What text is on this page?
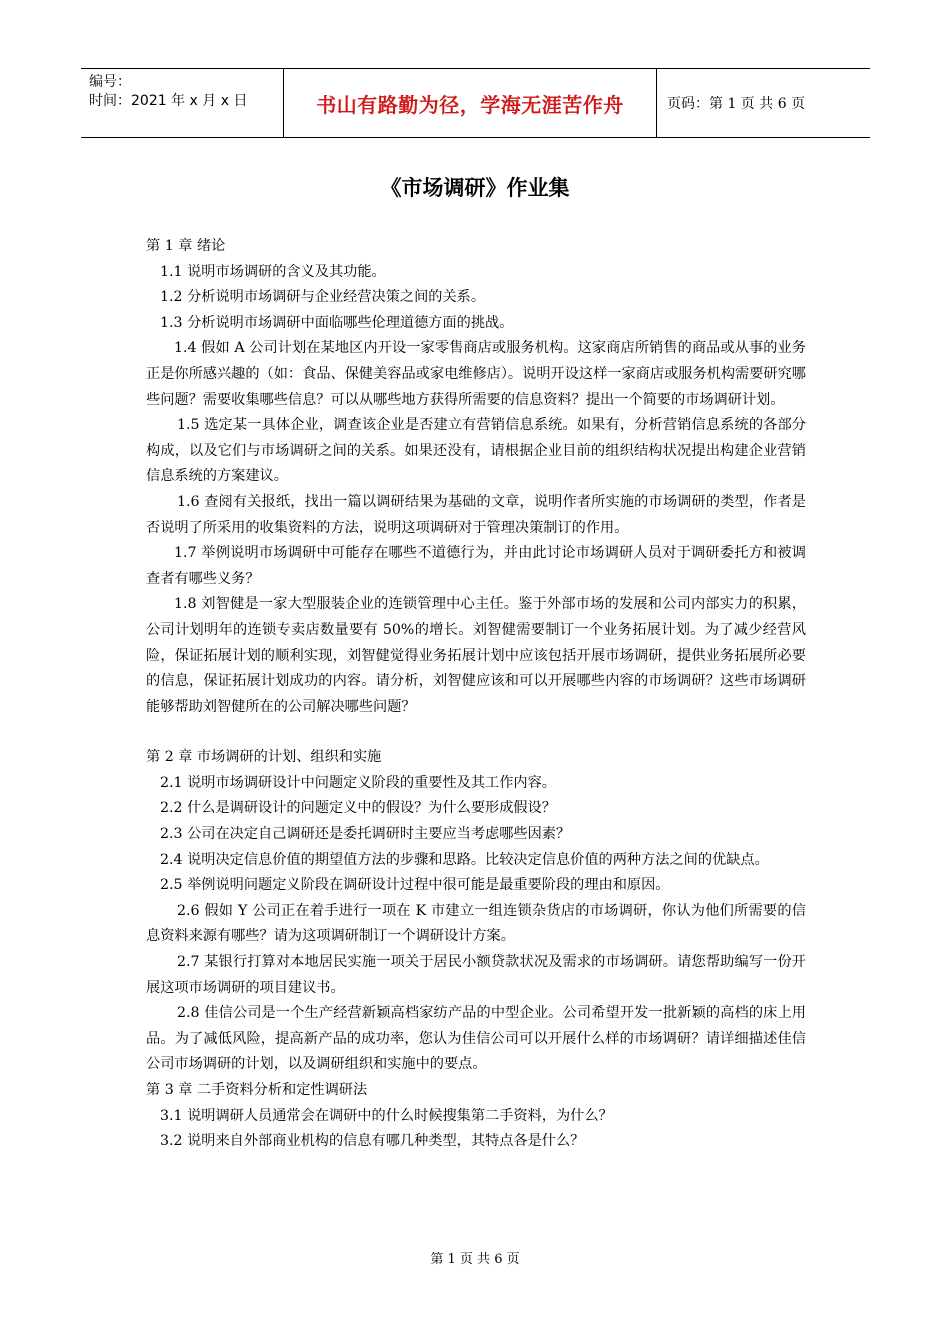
编号：
时间：2021 年 x 月 x 日	书山有路勤为径，学海无涯苦作舟	页码：第 1 页 共 6 页
《市场调研》作业集

第 1 章 绪论

1.1 说明市场调研的含义及其功能。

1.2 分析说明市场调研与企业经营决策之间的关系。

1.3 分析说明市场调研中面临哪些伦理道德方面的挑战。

1.4 假如 A 公司计划在某地区内开设一家零售商店或服务机构。这家商店所销售的商品或从事的业务正是你所感兴趣的（如：食品、保健美容品或家电维修店）。说明开设这样一家商店或服务机构需要研究哪些问题？需要收集哪些信息？可以从哪些地方获得所需要的信息资料？提出一个简要的市场调研计划。

1.5 选定某一具体企业，调查该企业是否建立有营销信息系统。如果有，分析营销信息系统的各部分构成，以及它们与市场调研之间的关系。如果还没有，请根据企业目前的组织结构状况提出构建企业营销信息系统的方案建议。

1.6 查阅有关报纸，找出一篇以调研结果为基础的文章，说明作者所实施的市场调研的类型，作者是否说明了所采用的收集资料的方法，说明这项调研对于管理决策制订的作用。

1.7 举例说明市场调研中可能存在哪些不道德行为，并由此讨论市场调研人员对于调研委托方和被调查者有哪些义务？

1.8 刘智健是一家大型服装企业的连锁管理中心主任。鉴于外部市场的发展和公司内部实力的积累，公司计划明年的连锁专卖店数量要有 50%的增长。刘智健需要制订一个业务拓展计划。为了减少经营风险，保证拓展计划的顺利实现，刘智健觉得业务拓展计划中应该包括开展市场调研，提供业务拓展所必要的信息，保证拓展计划成功的内容。请分析，刘智健应该和可以开展哪些内容的市场调研？这些市场调研能够帮助刘智健所在的公司解决哪些问题？

第 2 章 市场调研的计划、组织和实施

2.1 说明市场调研设计中问题定义阶段的重要性及其工作内容。

2.2 什么是调研设计的问题定义中的假设？为什么要形成假设？

2.3 公司在决定自己调研还是委托调研时主要应当考虑哪些因素？

2.4 说明决定信息价值的期望值方法的步骤和思路。比较决定信息价值的两种方法之间的优缺点。

2.5 举例说明问题定义阶段在调研设计过程中很可能是最重要阶段的理由和原因。

2.6 假如 Y 公司正在着手进行一项在 K 市建立一组连锁杂货店的市场调研，你认为他们所需要的信息资料来源有哪些？请为这项调研制订一个调研设计方案。

2.7 某银行打算对本地居民实施一项关于居民小额贷款状况及需求的市场调研。请您帮助编写一份开展这项市场调研的项目建议书。

2.8 佳信公司是一个生产经营新颖高档家纺产品的中型企业。公司希望开发一批新颖的高档的床上用品。为了减低风险，提高新产品的成功率，您认为佳信公司可以开展什么样的市场调研？请详细描述佳信公司市场调研的计划，以及调研组织和实施中的要点。

第 3 章 二手资料分析和定性调研法

3.1 说明调研人员通常会在调研中的什么时候搜集第二手资料，为什么？

3.2 说明来自外部商业机构的信息有哪几种类型，其特点各是什么？

第 1 页 共 6 页
